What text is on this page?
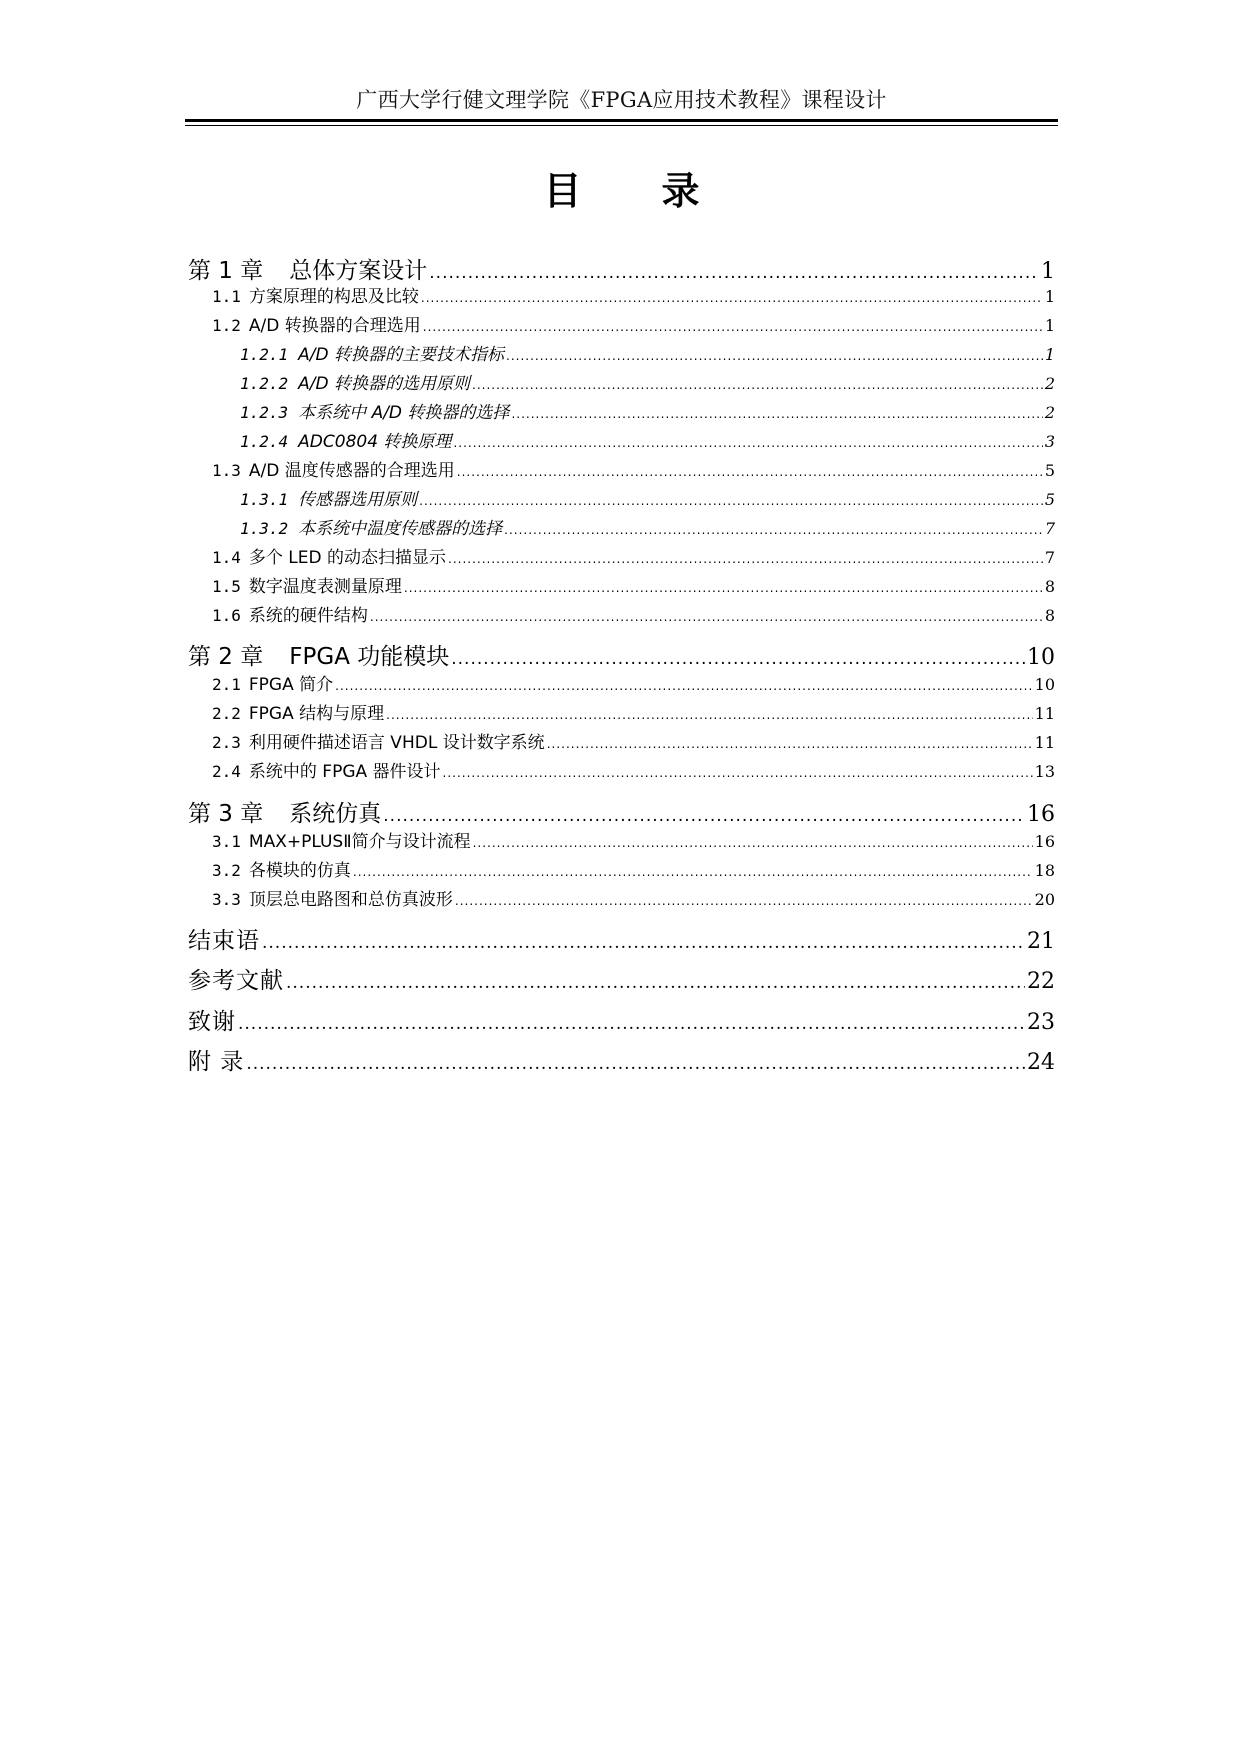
广西大学行健文理学院《FPGA应用技术教程》课程设计
目 录
第 1 章 总体方案设计 .....	1
1.1 方案原理的构思及比较 .....	1
1.2 A/D 转换器的合理选用 .....	1
1.2.1 A/D 转换器的主要技术指标 .....	1
1.2.2 A/D 转换器的选用原则 .....	2
1.2.3 本系统中 A/D 转换器的选择 .....	2
1.2.4 ADC0804 转换原理 .....	3
1.3 A/D 温度传感器的合理选用 .....	5
1.3.1 传感器选用原则 .....	5
1.3.2 本系统中温度传感器的选择 .....	7
1.4 多个 LED 的动态扫描显示 .....	7
1.5 数字温度表测量原理 .....	8
1.6 系统的硬件结构 .....	8
第 2 章 FPGA 功能模块 .....	10
2.1 FPGA 简介 .....	10
2.2 FPGA 结构与原理 .....	11
2.3 利用硬件描述语言 VHDL 设计数字系统 .....	11
2.4 系统中的 FPGA 器件设计 .....	13
第 3 章 系统仿真 .....	16
3.1 MAX+PLUSⅡ简介与设计流程 .....	16
3.2 各模块的仿真 .....	18
3.3 顶层总电路图和总仿真波形 .....	20
结束语 .....	21
参考文献 .....	22
致谢 .....	23
附 录 .....	24
